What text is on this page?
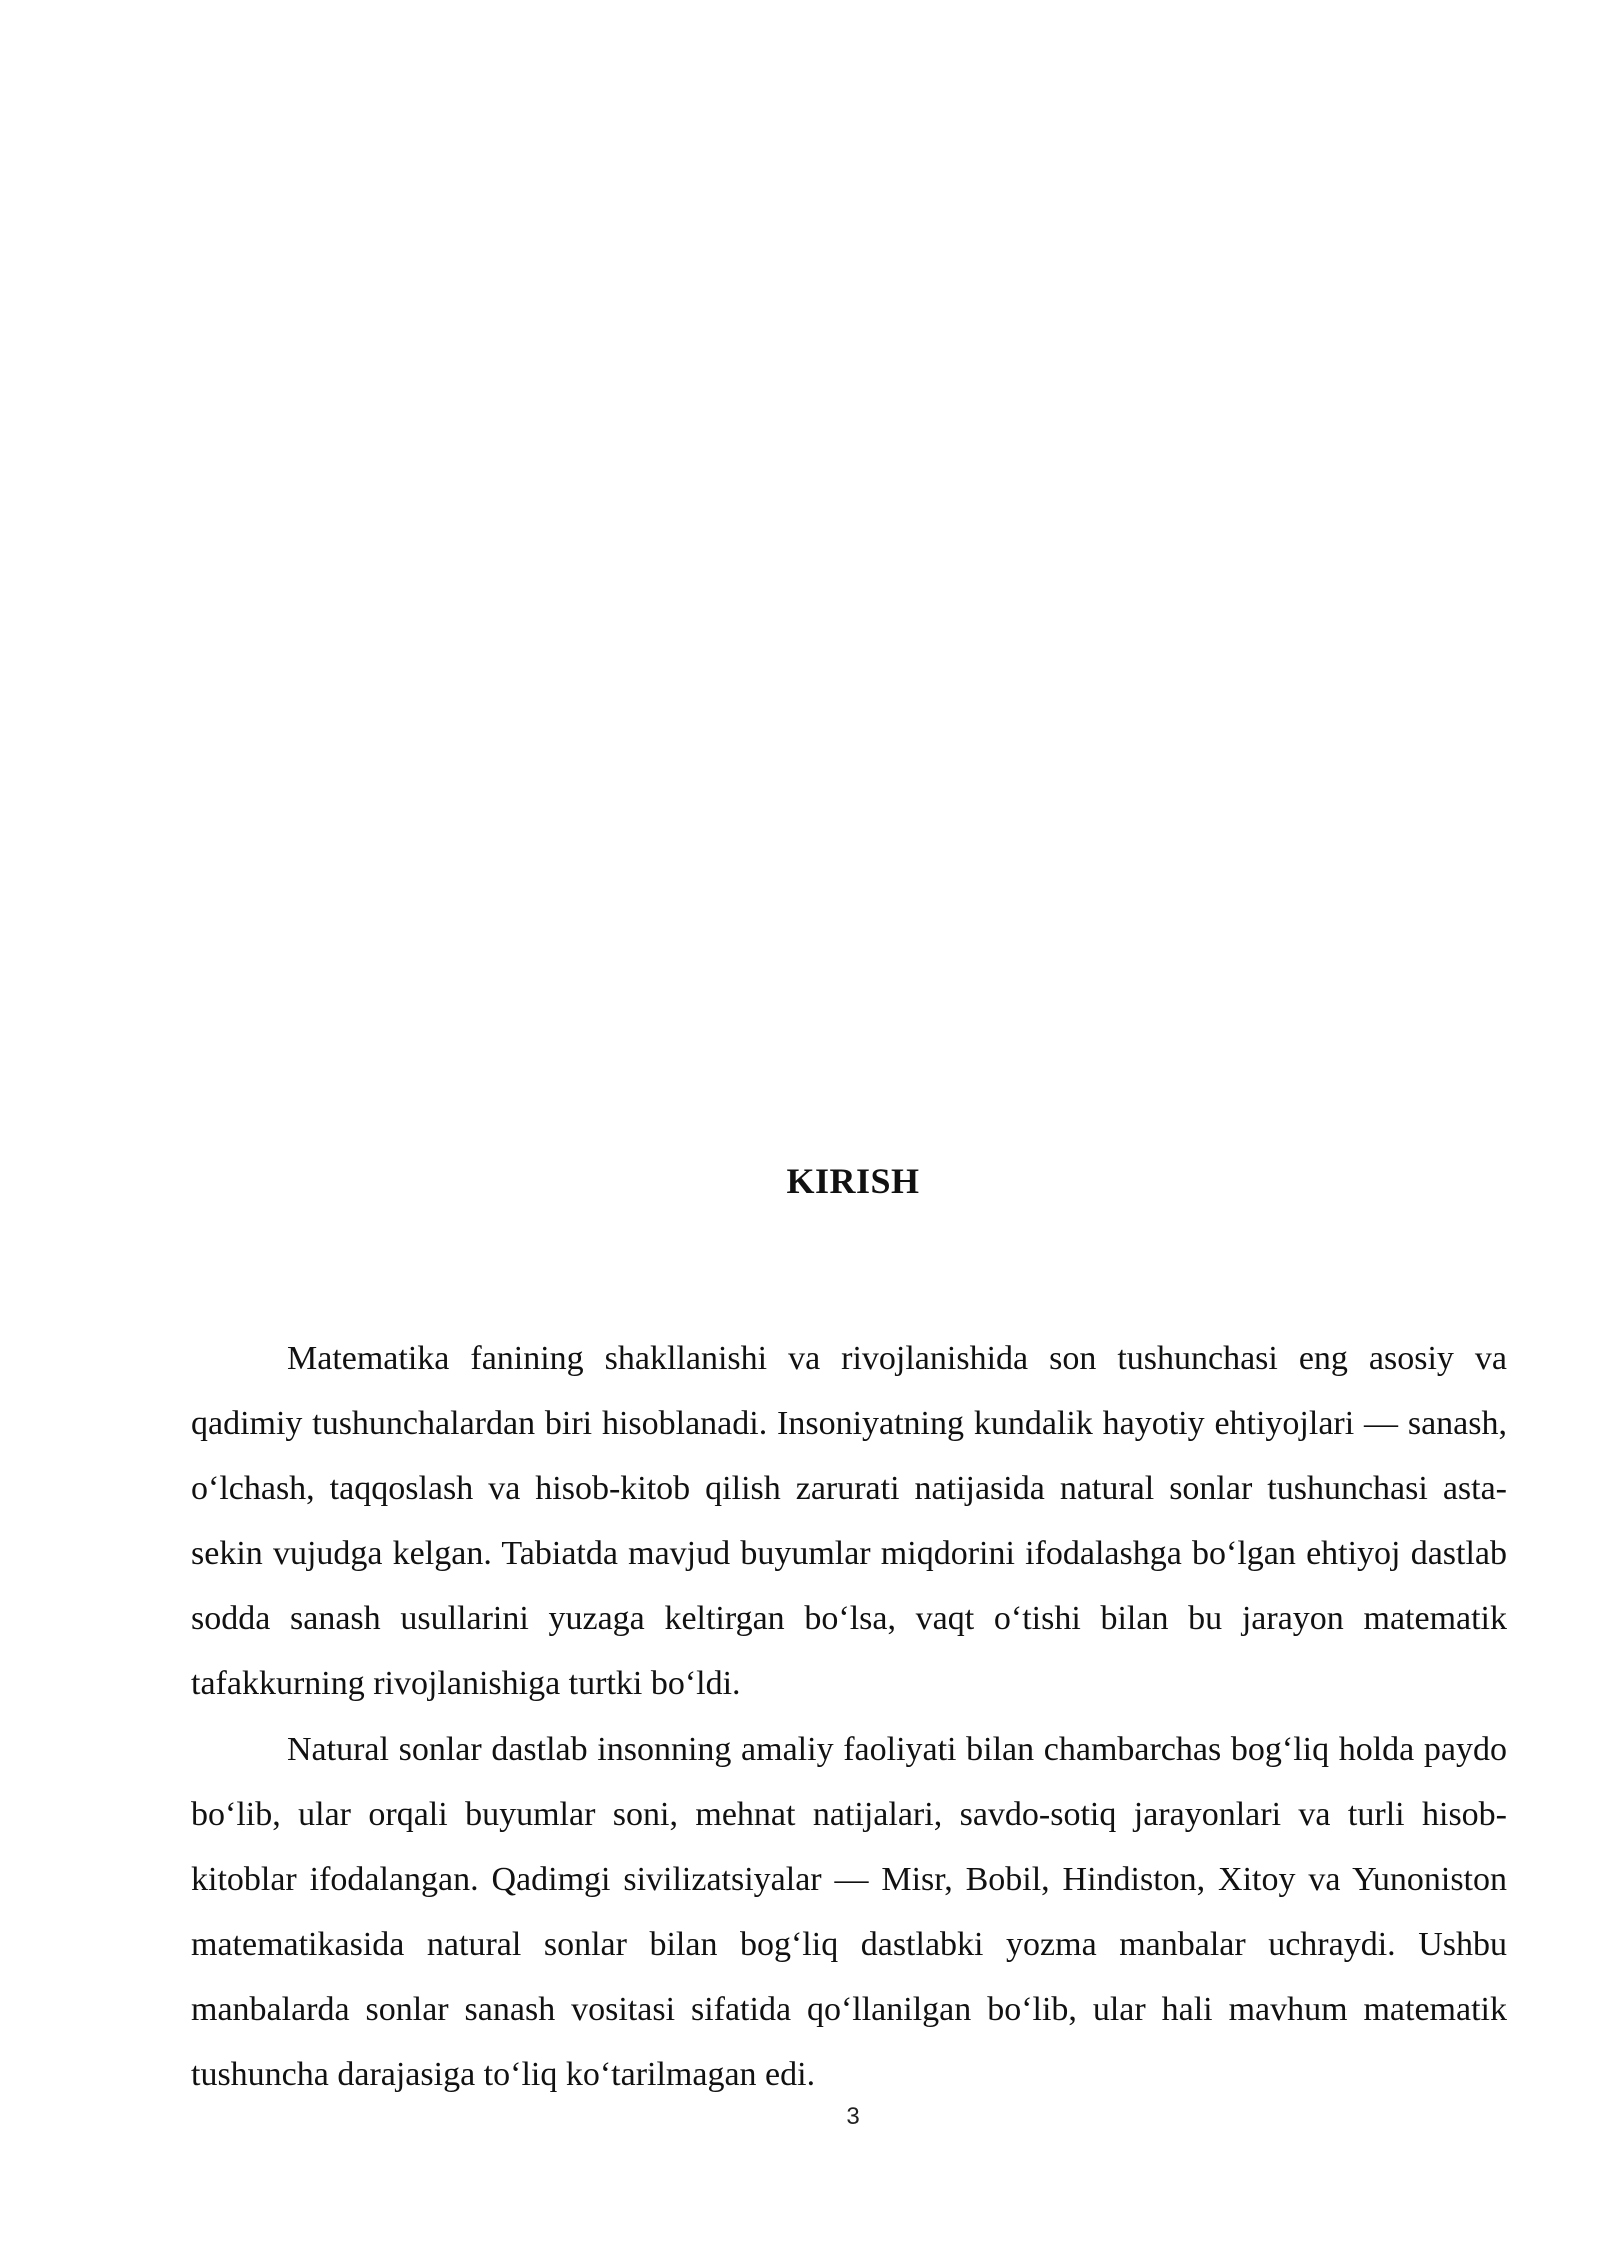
KIRISH

Matematika fanining shakllanishi va rivojlanishida son tushunchasi eng asosiy va qadimiy tushunchalardan biri hisoblanadi. Insoniyatning kundalik hayotiy ehtiyojlari — sanash, o‘lchash, taqqoslash va hisob-kitob qilish zarurati natijasida natural sonlar tushunchasi asta-sekin vujudga kelgan. Tabiatda mavjud buyumlar miqdorini ifodalashga bo‘lgan ehtiyoj dastlab sodda sanash usullarini yuzaga keltirgan bo‘lsa, vaqt o‘tishi bilan bu jarayon matematik tafakkurning rivojlanishiga turtki bo‘ldi.

Natural sonlar dastlab insonning amaliy faoliyati bilan chambarchas bog‘liq holda paydo bo‘lib, ular orqali buyumlar soni, mehnat natijalari, savdo-sotiq jarayonlari va turli hisob-kitoblar ifodalangan. Qadimgi sivilizatsiyalar — Misr, Bobil, Hindiston, Xitoy va Yunoniston matematikasida natural sonlar bilan bog‘liq dastlabki yozma manbalar uchraydi. Ushbu manbalarda sonlar sanash vositasi sifatida qo‘llanilgan bo‘lib, ular hali mavhum matematik tushuncha darajasiga to‘liq ko‘tarilmagan edi.

3
